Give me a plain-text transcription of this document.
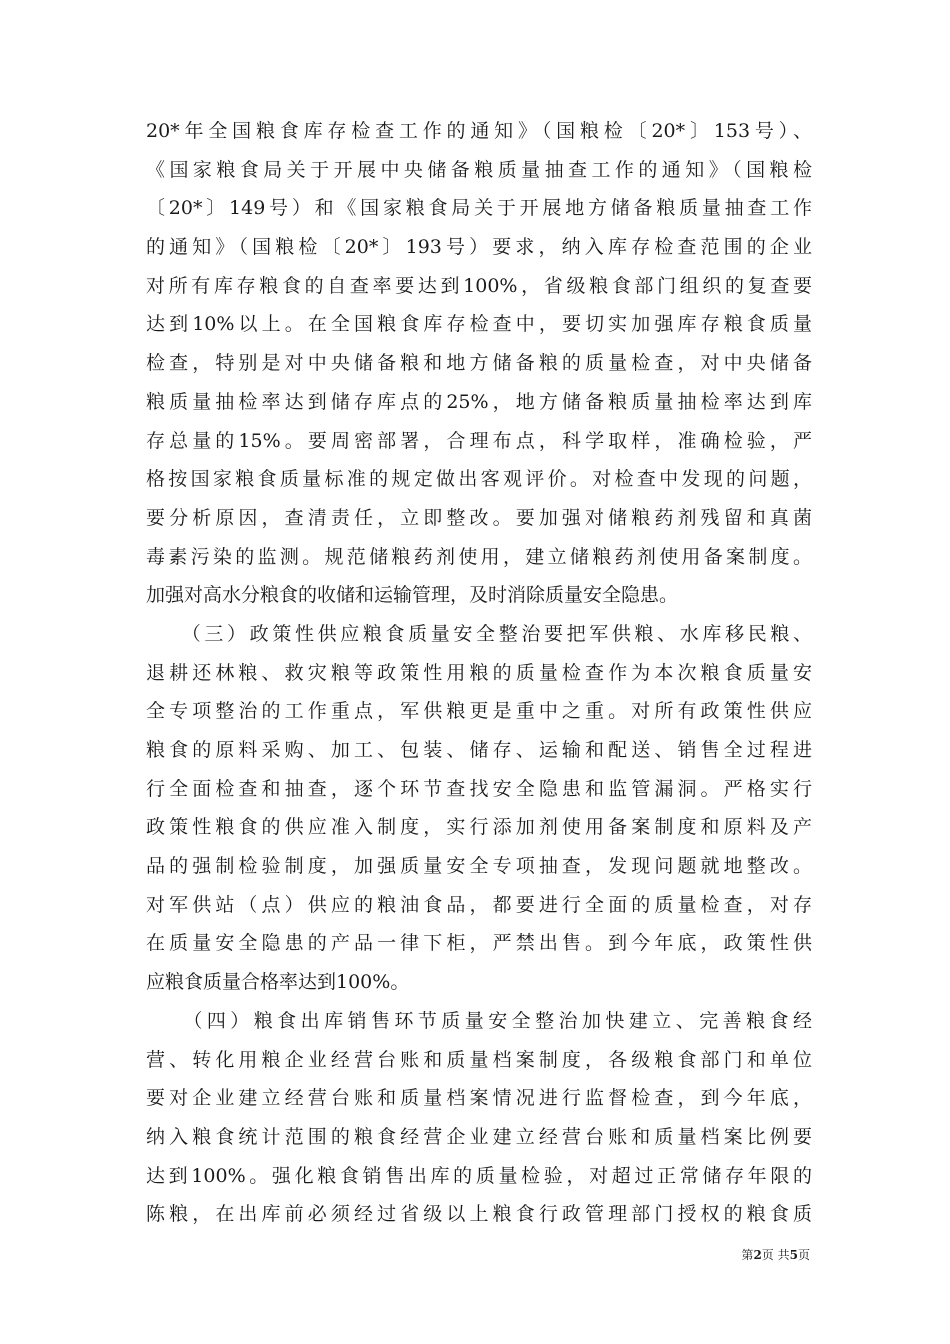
20*年全国粮食库存检查工作的通知》（国粮检〔20*〕153号）、
《国家粮食局关于开展中央储备粮质量抽查工作的通知》（国粮检
〔20*〕149号）和《国家粮食局关于开展地方储备粮质量抽查工作
的通知》（国粮检〔20*〕193号）要求，纳入库存检查范围的企业
对所有库存粮食的自查率要达到100%，省级粮食部门组织的复查要
达到10%以上。在全国粮食库存检查中，要切实加强库存粮食质量
检查，特别是对中央储备粮和地方储备粮的质量检查，对中央储备
粮质量抽检率达到储存库点的25%，地方储备粮质量抽检率达到库
存总量的15%。要周密部署，合理布点，科学取样，准确检验，严
格按国家粮食质量标准的规定做出客观评价。对检查中发现的问题，
要分析原因，查清责任，立即整改。要加强对储粮药剂残留和真菌
毒素污染的监测。规范储粮药剂使用，建立储粮药剂使用备案制度。
加强对高水分粮食的收储和运输管理，及时消除质量安全隐患。
　　（三）政策性供应粮食质量安全整治要把军供粮、水库移民粮、
退耕还林粮、救灾粮等政策性用粮的质量检查作为本次粮食质量安
全专项整治的工作重点，军供粮更是重中之重。对所有政策性供应
粮食的原料采购、加工、包装、储存、运输和配送、销售全过程进
行全面检查和抽查，逐个环节查找安全隐患和监管漏洞。严格实行
政策性粮食的供应准入制度，实行添加剂使用备案制度和原料及产
品的强制检验制度，加强质量安全专项抽查，发现问题就地整改。
对军供站（点）供应的粮油食品，都要进行全面的质量检查，对存
在质量安全隐患的产品一律下柜，严禁出售。到今年底，政策性供
应粮食质量合格率达到100%。
　　（四）粮食出库销售环节质量安全整治加快建立、完善粮食经
营、转化用粮企业经营台账和质量档案制度，各级粮食部门和单位
要对企业建立经营台账和质量档案情况进行监督检查，到今年底，
纳入粮食统计范围的粮食经营企业建立经营台账和质量档案比例要
达到100%。强化粮食销售出库的质量检验，对超过正常储存年限的
陈粮，在出库前必须经过省级以上粮食行政管理部门授权的粮食质
第2页 共5页
